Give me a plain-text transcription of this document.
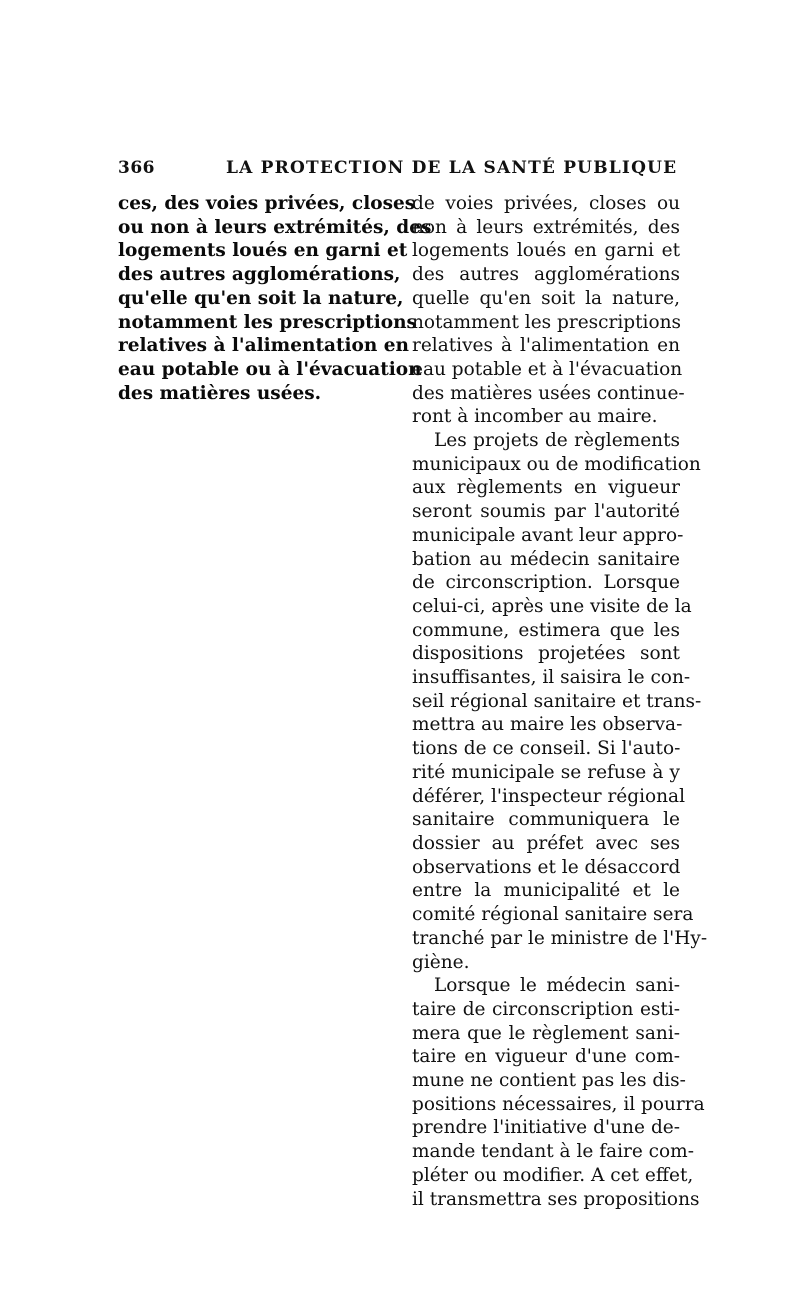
366	LA PROTECTION DE LA SANTÉ PUBLIQUE
ces, des voies privées, closes
ou non à leurs extrémités, des
logements loués en garni et
des autres agglomérations,
qu'elle qu'en soit la nature,
notamment les prescriptions
relatives à l'alimentation en
eau potable ou à l'évacuation
des matières usées.
de voies privées, closes ou
non à leurs extrémités, des
logements loués en garni et
des autres agglomérations
quelle qu'en soit la nature,
notamment les prescriptions
relatives à l'alimentation en
eau potable et à l'évacuation
des matières usées continue-
ront à incomber au maire.
Les projets de règlements
municipaux ou de modification
aux règlements en vigueur
seront soumis par l'autorité
municipale avant leur appro-
bation au médecin sanitaire
de circonscription. Lorsque
celui-ci, après une visite de la
commune, estimera que les
dispositions projetées sont
insuffisantes, il saisira le con-
seil régional sanitaire et trans-
mettra au maire les observa-
tions de ce conseil. Si l'auto-
rité municipale se refuse à y
déférer, l'inspecteur régional
sanitaire communiquera le
dossier au préfet avec ses
observations et le désaccord
entre la municipalité et le
comité régional sanitaire sera
tranché par le ministre de l'Hy-
giène.
Lorsque le médecin sani-
taire de circonscription esti-
mera que le règlement sani-
taire en vigueur d'une com-
mune ne contient pas les dis-
positions nécessaires, il pourra
prendre l'initiative d'une de-
mande tendant à le faire com-
pléter ou modifier. A cet effet,
il transmettra ses propositions
